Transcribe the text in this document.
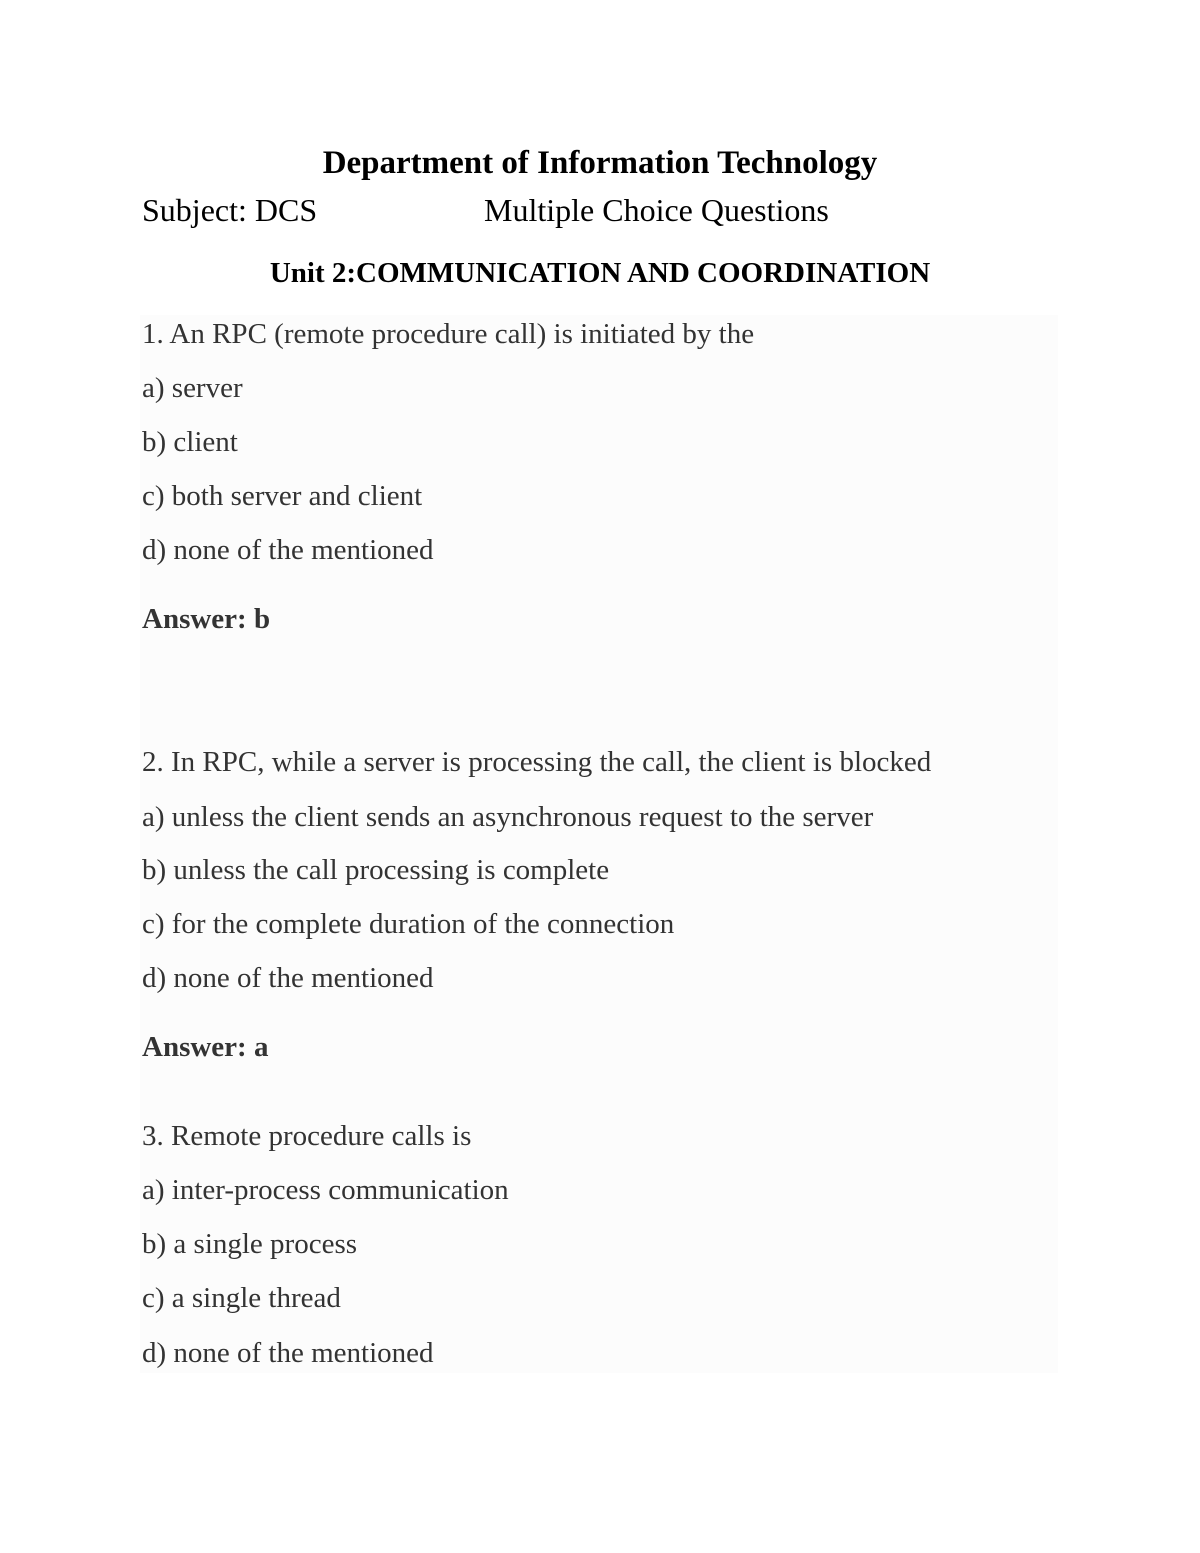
Department of Information Technology
Subject: DCS	Multiple Choice Questions
Unit 2:COMMUNICATION AND COORDINATION
1. An RPC (remote procedure call) is initiated by the
a) server
b) client
c) both server and client
d) none of the mentioned
Answer: b
2. In RPC, while a server is processing the call, the client is blocked
a) unless the client sends an asynchronous request to the server
b) unless the call processing is complete
c) for the complete duration of the connection
d) none of the mentioned
Answer: a
3. Remote procedure calls is
a) inter-process communication
b) a single process
c) a single thread
d) none of the mentioned
